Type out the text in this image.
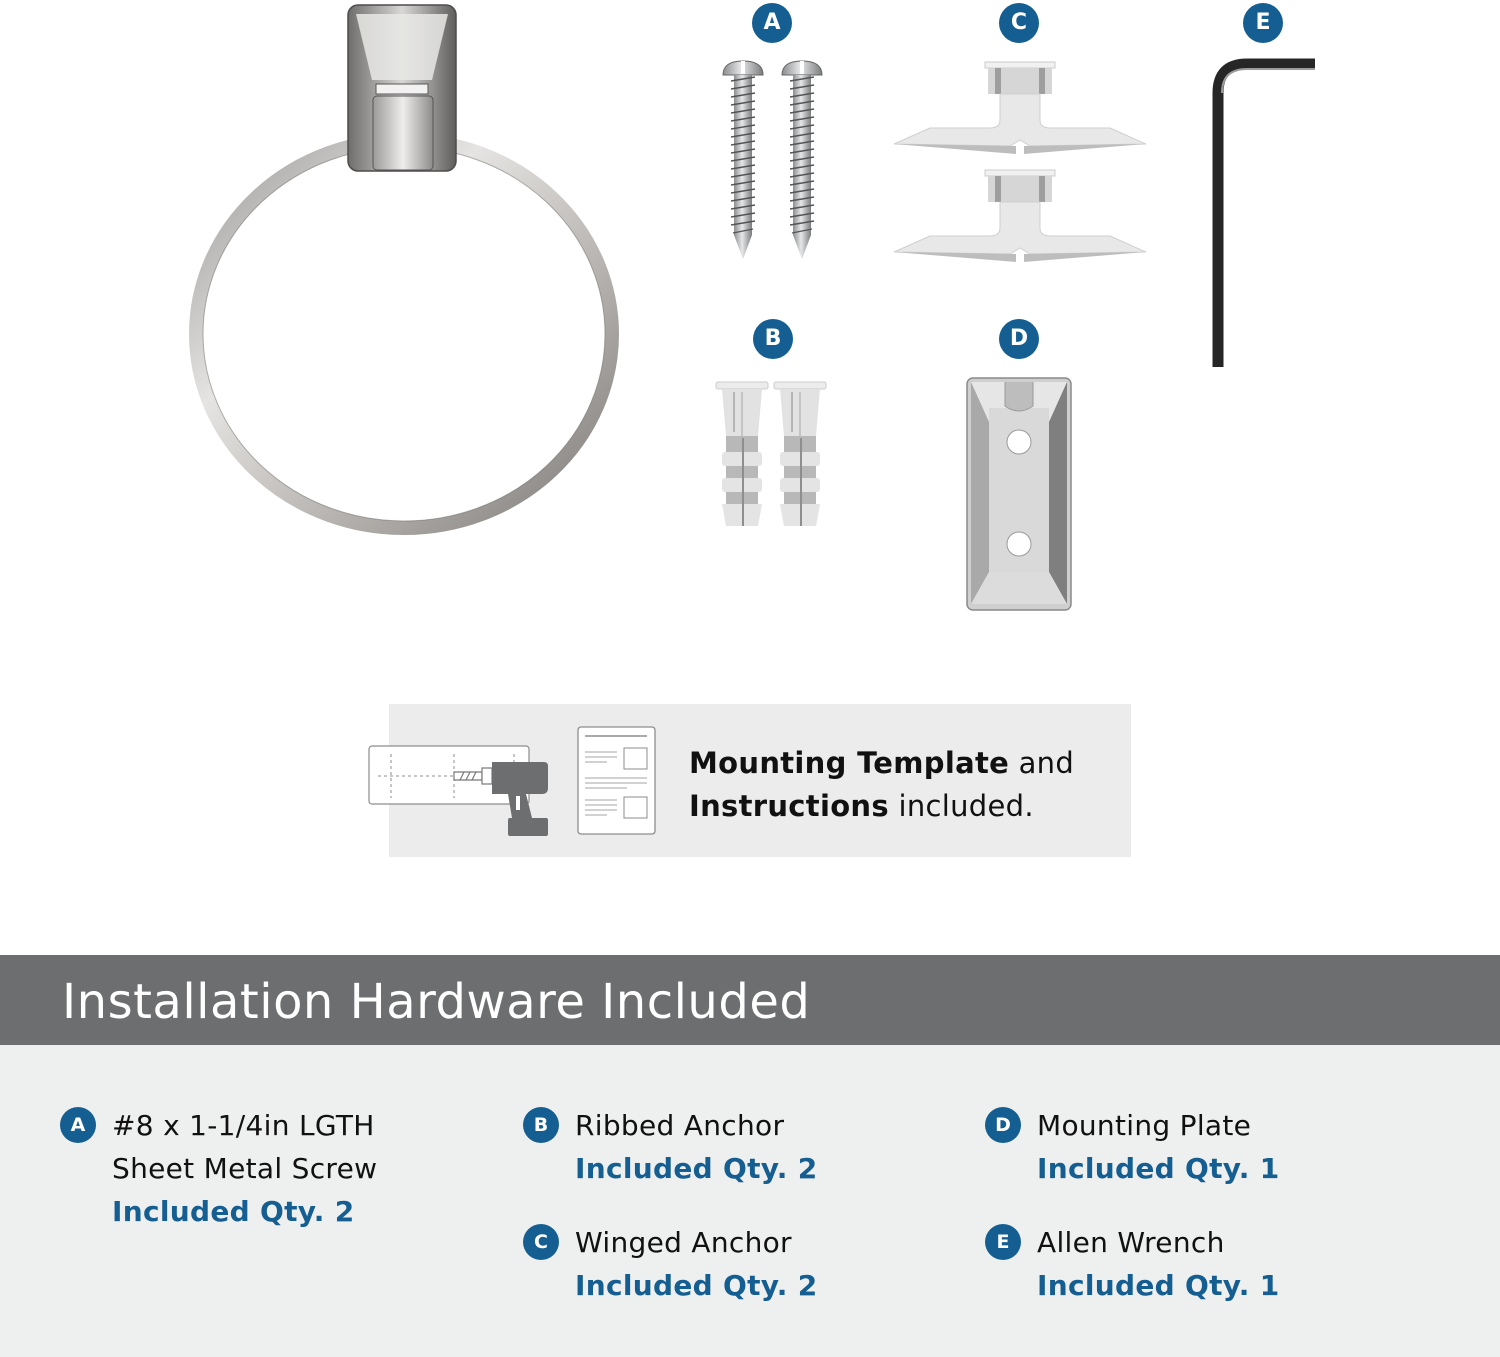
A	C	E
B	D
Mounting Template and
Instructions included.
Installation Hardware Included
A #8 x 1-1/4in LGTH
Sheet Metal Screw
Included Qty. 2
B Ribbed Anchor
Included Qty. 2
C Winged Anchor
Included Qty. 2
D Mounting Plate
Included Qty. 1
E Allen Wrench
Included Qty. 1
